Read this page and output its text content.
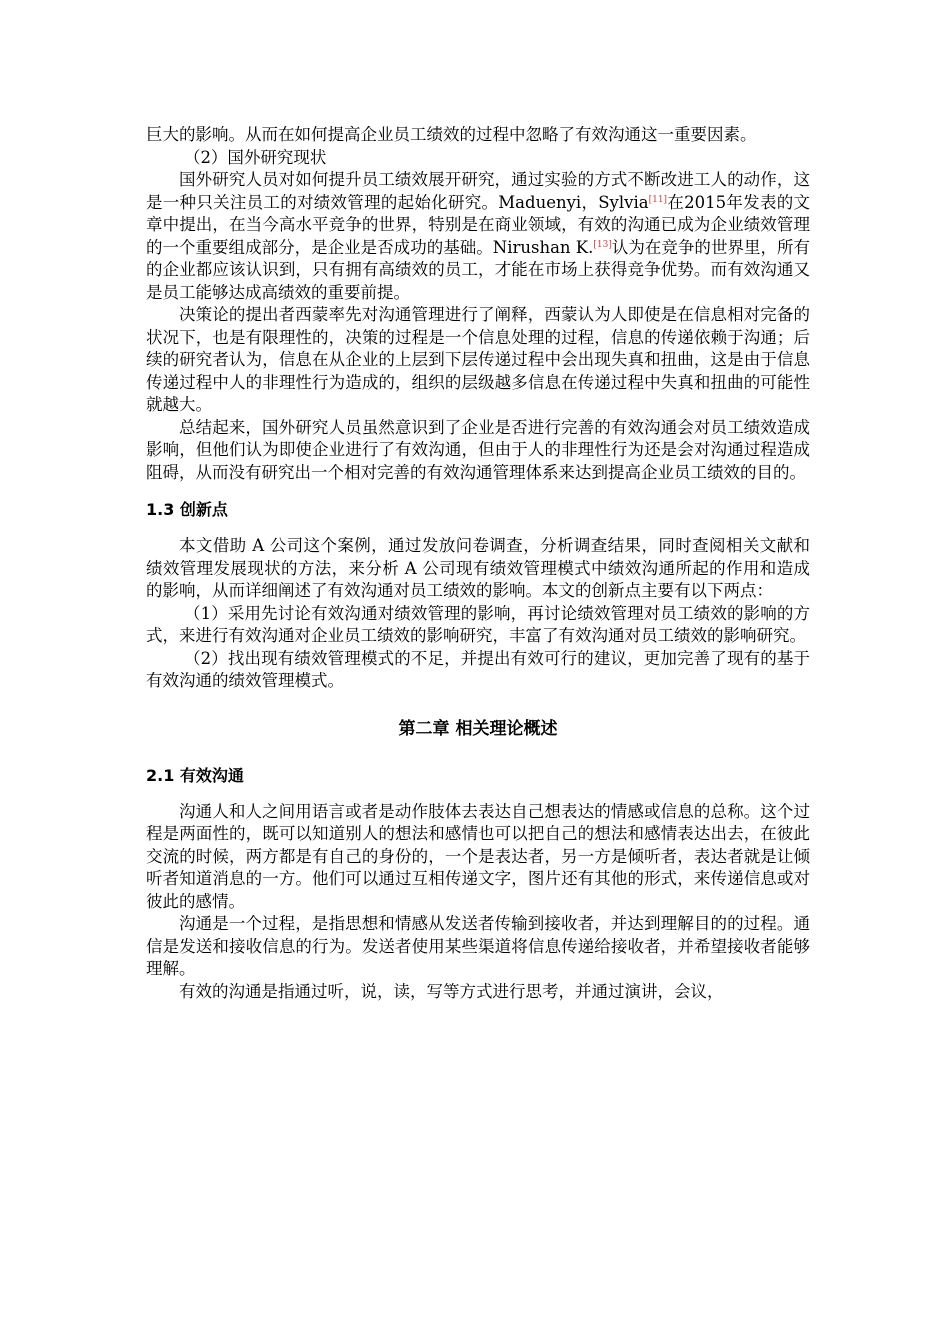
巨大的影响。从而在如何提高企业员工绩效的过程中忽略了有效沟通这一重要因素。

（2）国外研究现状

国外研究人员对如何提升员工绩效展开研究，通过实验的方式不断改进工人的动作，这是一种只关注员工的对绩效管理的起始化研究。Maduenyi，Sylvia[11]在2015年发表的文章中提出，在当今高水平竞争的世界，特别是在商业领域，有效的沟通已成为企业绩效管理的一个重要组成部分，是企业是否成功的基础。Nirushan K.[13]认为在竞争的世界里，所有的企业都应该认识到，只有拥有高绩效的员工，才能在市场上获得竞争优势。而有效沟通又是员工能够达成高绩效的重要前提。

决策论的提出者西蒙率先对沟通管理进行了阐释，西蒙认为人即使是在信息相对完备的状况下，也是有限理性的，决策的过程是一个信息处理的过程，信息的传递依赖于沟通；后续的研究者认为，信息在从企业的上层到下层传递过程中会出现失真和扭曲，这是由于信息传递过程中人的非理性行为造成的，组织的层级越多信息在传递过程中失真和扭曲的可能性就越大。

总结起来，国外研究人员虽然意识到了企业是否进行完善的有效沟通会对员工绩效造成影响，但他们认为即使企业进行了有效沟通，但由于人的非理性行为还是会对沟通过程造成阻碍，从而没有研究出一个相对完善的有效沟通管理体系来达到提高企业员工绩效的目的。

1.3 创新点

本文借助 A 公司这个案例，通过发放问卷调查，分析调查结果，同时查阅相关文献和绩效管理发展现状的方法，来分析 A 公司现有绩效管理模式中绩效沟通所起的作用和造成的影响，从而详细阐述了有效沟通对员工绩效的影响。本文的创新点主要有以下两点：

（1）采用先讨论有效沟通对绩效管理的影响，再讨论绩效管理对员工绩效的影响的方式，来进行有效沟通对企业员工绩效的影响研究，丰富了有效沟通对员工绩效的影响研究。

（2）找出现有绩效管理模式的不足，并提出有效可行的建议，更加完善了现有的基于有效沟通的绩效管理模式。

第二章 相关理论概述
2.1 有效沟通

沟通人和人之间用语言或者是动作肢体去表达自己想表达的情感或信息的总称。这个过程是两面性的，既可以知道别人的想法和感情也可以把自己的想法和感情表达出去，在彼此交流的时候，两方都是有自己的身份的，一个是表达者，另一方是倾听者，表达者就是让倾听者知道消息的一方。他们可以通过互相传递文字，图片还有其他的形式，来传递信息或对彼此的感情。

沟通是一个过程，是指思想和情感从发送者传输到接收者，并达到理解目的的过程。通信是发送和接收信息的行为。发送者使用某些渠道将信息传递给接收者，并希望接收者能够理解。

有效的沟通是指通过听，说，读，写等方式进行思考，并通过演讲，会议，
